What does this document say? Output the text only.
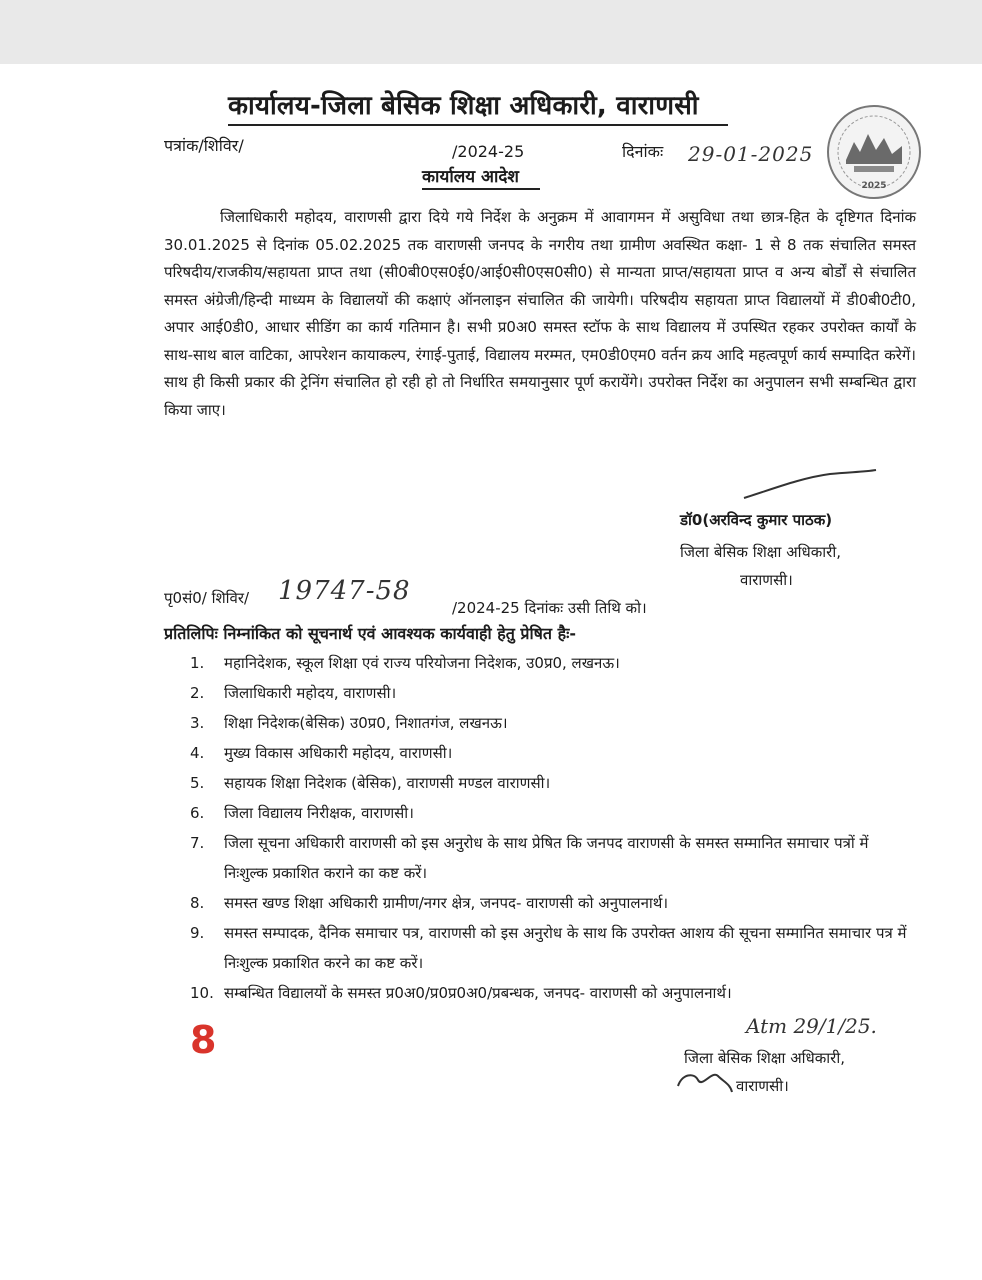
कार्यालय-जिला बेसिक शिक्षा अधिकारी, वाराणसी
2025
पत्रांक/शिविर/	/2024-25	दिनांकः 29-01-2025
कार्यालय आदेश

जिलाधिकारी महोदय, वाराणसी द्वारा दिये गये निर्देश के अनुक्रम में आवागमन में असुविधा तथा छात्र-हित के दृष्टिगत दिनांक 30.01.2025 से दिनांक 05.02.2025 तक वाराणसी जनपद के नगरीय तथा ग्रामीण अवस्थित कक्षा- 1 से 8 तक संचालित समस्त परिषदीय/राजकीय/सहायता प्राप्त तथा (सी0बी0एस0ई0/आई0सी0एस0सी0) से मान्यता प्राप्त/सहायता प्राप्त व अन्य बोर्डों से संचालित समस्त अंग्रेजी/हिन्दी माध्यम के विद्यालयों की कक्षाएं ऑनलाइन संचालित की जायेगी। परिषदीय सहायता प्राप्त विद्यालयों में डी0बी0टी0, अपार आई0डी0, आधार सीडिंग का कार्य गतिमान है। सभी प्र0अ0 समस्त स्टॉफ के साथ विद्यालय में उपस्थित रहकर उपरोक्त कार्यों के साथ-साथ बाल वाटिका, आपरेशन कायाकल्प, रंगाई-पुताई, विद्यालय मरम्मत, एम0डी0एम0 वर्तन क्रय आदि महत्वपूर्ण कार्य सम्पादित करेगें। साथ ही किसी प्रकार की ट्रेनिंग संचालित हो रही हो तो निर्धारित समयानुसार पूर्ण करायेंगे। उपरोक्त निर्देश का अनुपालन सभी सम्बन्धित द्वारा किया जाए।

डॉ0(अरविन्द कुमार पाठक)
जिला बेसिक शिक्षा अधिकारी,
वाराणसी।
पृ0सं0/ शिविर/ 19747-58
/2024-25 दिनांकः उसी तिथि को।
प्रतिलिपिः निम्नांकित को सूचनार्थ एवं आवश्यक कार्यवाही हेतु प्रेषित हैः-
1.	महानिदेशक, स्कूल शिक्षा एवं राज्य परियोजना निदेशक, उ0प्र0, लखनऊ।
2.	जिलाधिकारी महोदय, वाराणसी।
3.	शिक्षा निदेशक(बेसिक) उ0प्र0, निशातगंज, लखनऊ।
4.	मुख्य विकास अधिकारी महोदय, वाराणसी।
5.	सहायक शिक्षा निदेशक (बेसिक), वाराणसी मण्डल वाराणसी।
6.	जिला विद्यालय निरीक्षक, वाराणसी।
7.	जिला सूचना अधिकारी वाराणसी को इस अनुरोध के साथ प्रेषित कि जनपद वाराणसी के समस्त सम्मानित समाचार पत्रों में निःशुल्क प्रकाशित कराने का कष्ट करें।
8.	समस्त खण्ड शिक्षा अधिकारी ग्रामीण/नगर क्षेत्र, जनपद- वाराणसी को अनुपालनार्थ।
9.	समस्त सम्पादक, दैनिक समाचार पत्र, वाराणसी को इस अनुरोध के साथ कि उपरोक्त आशय की सूचना सम्मानित समाचार पत्र में निःशुल्क प्रकाशित करने का कष्ट करें।
10. सम्बन्धित विद्यालयों के समस्त प्र0अ0/प्र0प्र0अ0/प्रबन्धक, जनपद- वाराणसी को अनुपालनार्थ।
8	Atm 29/1/25.
जिला बेसिक शिक्षा अधिकारी,
वाराणसी।
